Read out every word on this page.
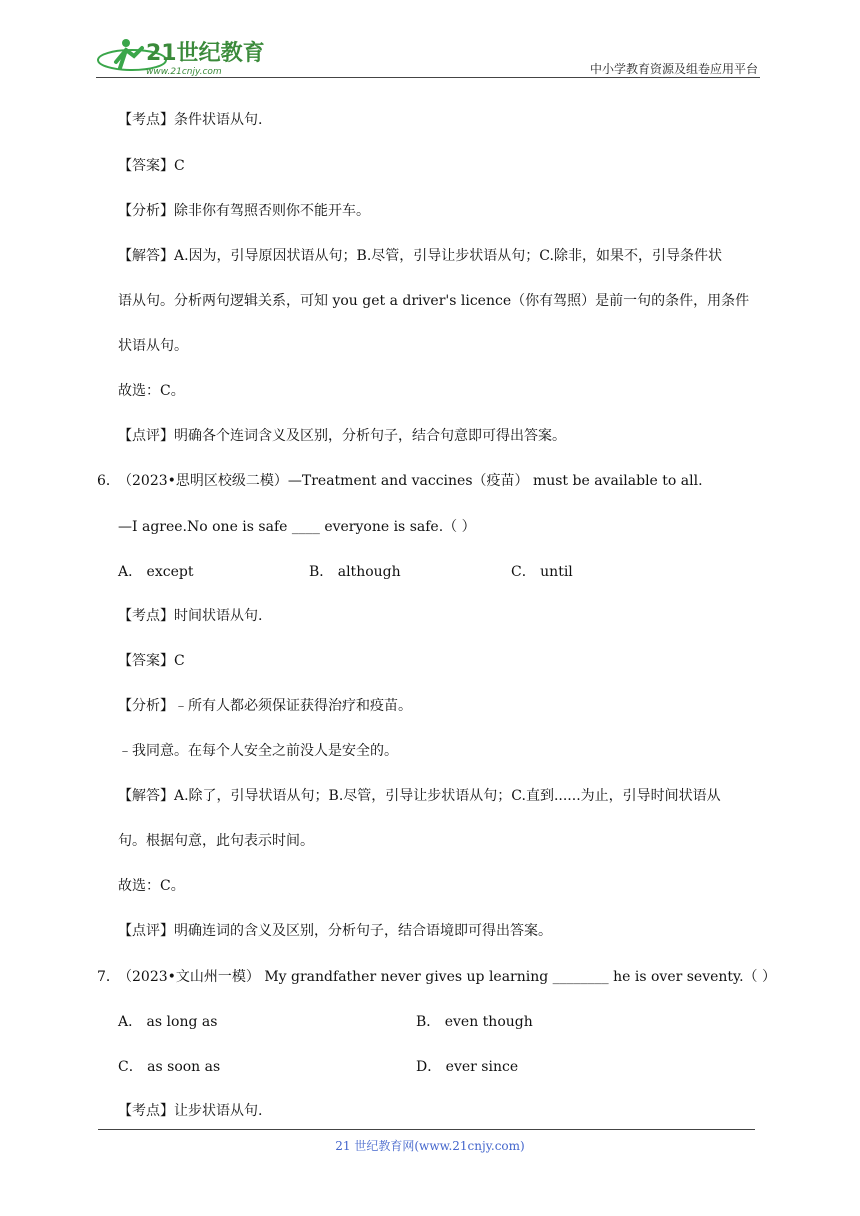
21世纪教育
www.21cnjy.com	中小学教育资源及组卷应用平台
【考点】条件状语从句.
【答案】C
【分析】除非你有驾照否则你不能开车。
【解答】A.因为，引导原因状语从句；B.尽管，引导让步状语从句；C.除非，如果不，引导条件状
语从句。分析两句逻辑关系，可知 you get a driver's licence（你有驾照）是前一句的条件，用条件
状语从句。
故选：C。
【点评】明确各个连词含义及区别，分析句子，结合句意即可得出答案。
6．
（2023•思明区校级二模）—Treatment and vaccines（疫苗） must be available to all.
—I agree.No one is safe ____ everyone is safe.（ ）
A． except	B． although	C． until
【考点】时间状语从句.
【答案】C
【分析】﹣所有人都必须保证获得治疗和疫苗。
﹣我同意。在每个人安全之前没人是安全的。
【解答】A.除了，引导状语从句；B.尽管，引导让步状语从句；C.直到......为止，引导时间状语从
句。根据句意，此句表示时间。
故选：C。
【点评】明确连词的含义及区别，分析句子，结合语境即可得出答案。
7．
（2023•文山州一模） My grandfather never gives up learning ________ he is over seventy.（ ）
A． as long as	B． even though
C． as soon as	D． ever since
【考点】让步状语从句.
21 世纪教育网(www.21cnjy.com)
